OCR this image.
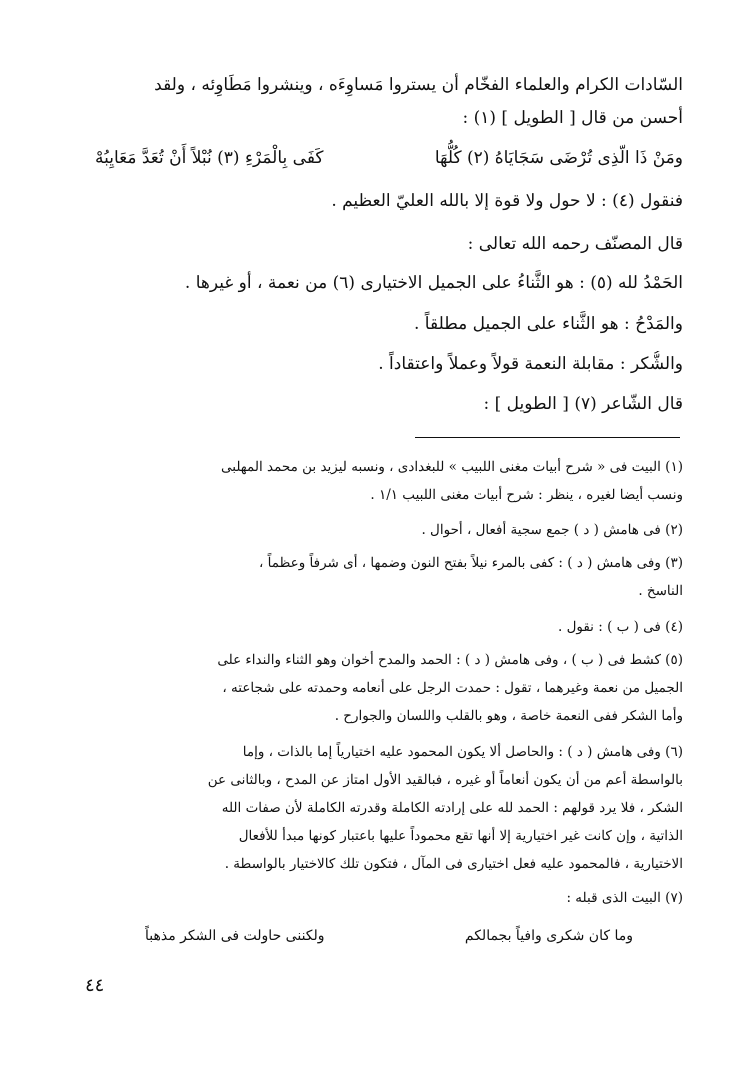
السّادات الكرام والعلماء الفخّام أن يستروا مَساوِءَه ، وينشروا مَطَاوِئه ، ولقد
أحسن من قال [ الطويل ] (١) :
ومَنْ ذَا الّذِى تُرْضَى سَجَايَاهُ (٢) كُلُّهَا
كَفَى بِالْمَرْءِ (٣) نُبْلاً أَنْ تُعَدَّ مَعَايِبُهْ
فنقول (٤) : لا حول ولا قوة إلا بالله العليّ العظيم .
قال المصنّف رحمه الله تعالى :
الحَمْدُ لله (٥) : هو الثَّناءُ على الجميل الاختيارى (٦) من نعمة ، أو غيرها .
والمَدْحُ : هو الثَّناء على الجميل مطلقاً .
والشُّكر : مقابلة النعمة قولاً وعملاً واعتقاداً .
قال الشّاعر (٧) [ الطويل ] :
(١) البيت فى « شرح أبيات مغنى اللبيب » للبغدادى ، ونسبه ليزيد بن محمد المهلبى
ونسب أيضا لغيره ، ينظر : شرح أبيات مغنى اللبيب ١/١ .
(٢) فى هامش ( د ) جمع سجية أفعال ، أحوال .
(٣) وفى هامش ( د ) : كفى بالمرء نيلاً بفتح النون وضمها ، أى شرفاً وعظماً ،
الناسخ .
(٤) فى ( ب ) : نقول .
(٥) كشط فى ( ب ) ، وفى هامش ( د ) : الحمد والمدح أخوان وهو الثناء والنداء على
الجميل من نعمة وغيرهما ، تقول : حمدت الرجل على أنعامه وحمدته على شجاعته ،
وأما الشكر ففى النعمة خاصة ، وهو بالقلب واللسان والجوارح .
(٦) وفى هامش ( د ) : والحاصل ألا يكون المحمود عليه اختيارياً إما بالذات ، وإما
بالواسطة أعم من أن يكون أنعاماً أو غيره ، فبالقيد الأول امتاز عن المدح ، وبالثانى عن
الشكر ، فلا يرد قولهم : الحمد لله على إرادته الكاملة وقدرته الكاملة لأن صفات الله
الذاتية ، وإن كانت غير اختيارية إلا أنها تقع محموداً عليها باعتبار كونها مبدأ للأفعال
الاختيارية ، فالمحمود عليه فعل اختيارى فى المآل ، فتكون تلك كالاختيار بالواسطة .
(٧) البيت الذى قبله :
وما كان شكرى وافياً بجمالكم
ولكننى حاولت فى الشكر مذهباً
٤٤
